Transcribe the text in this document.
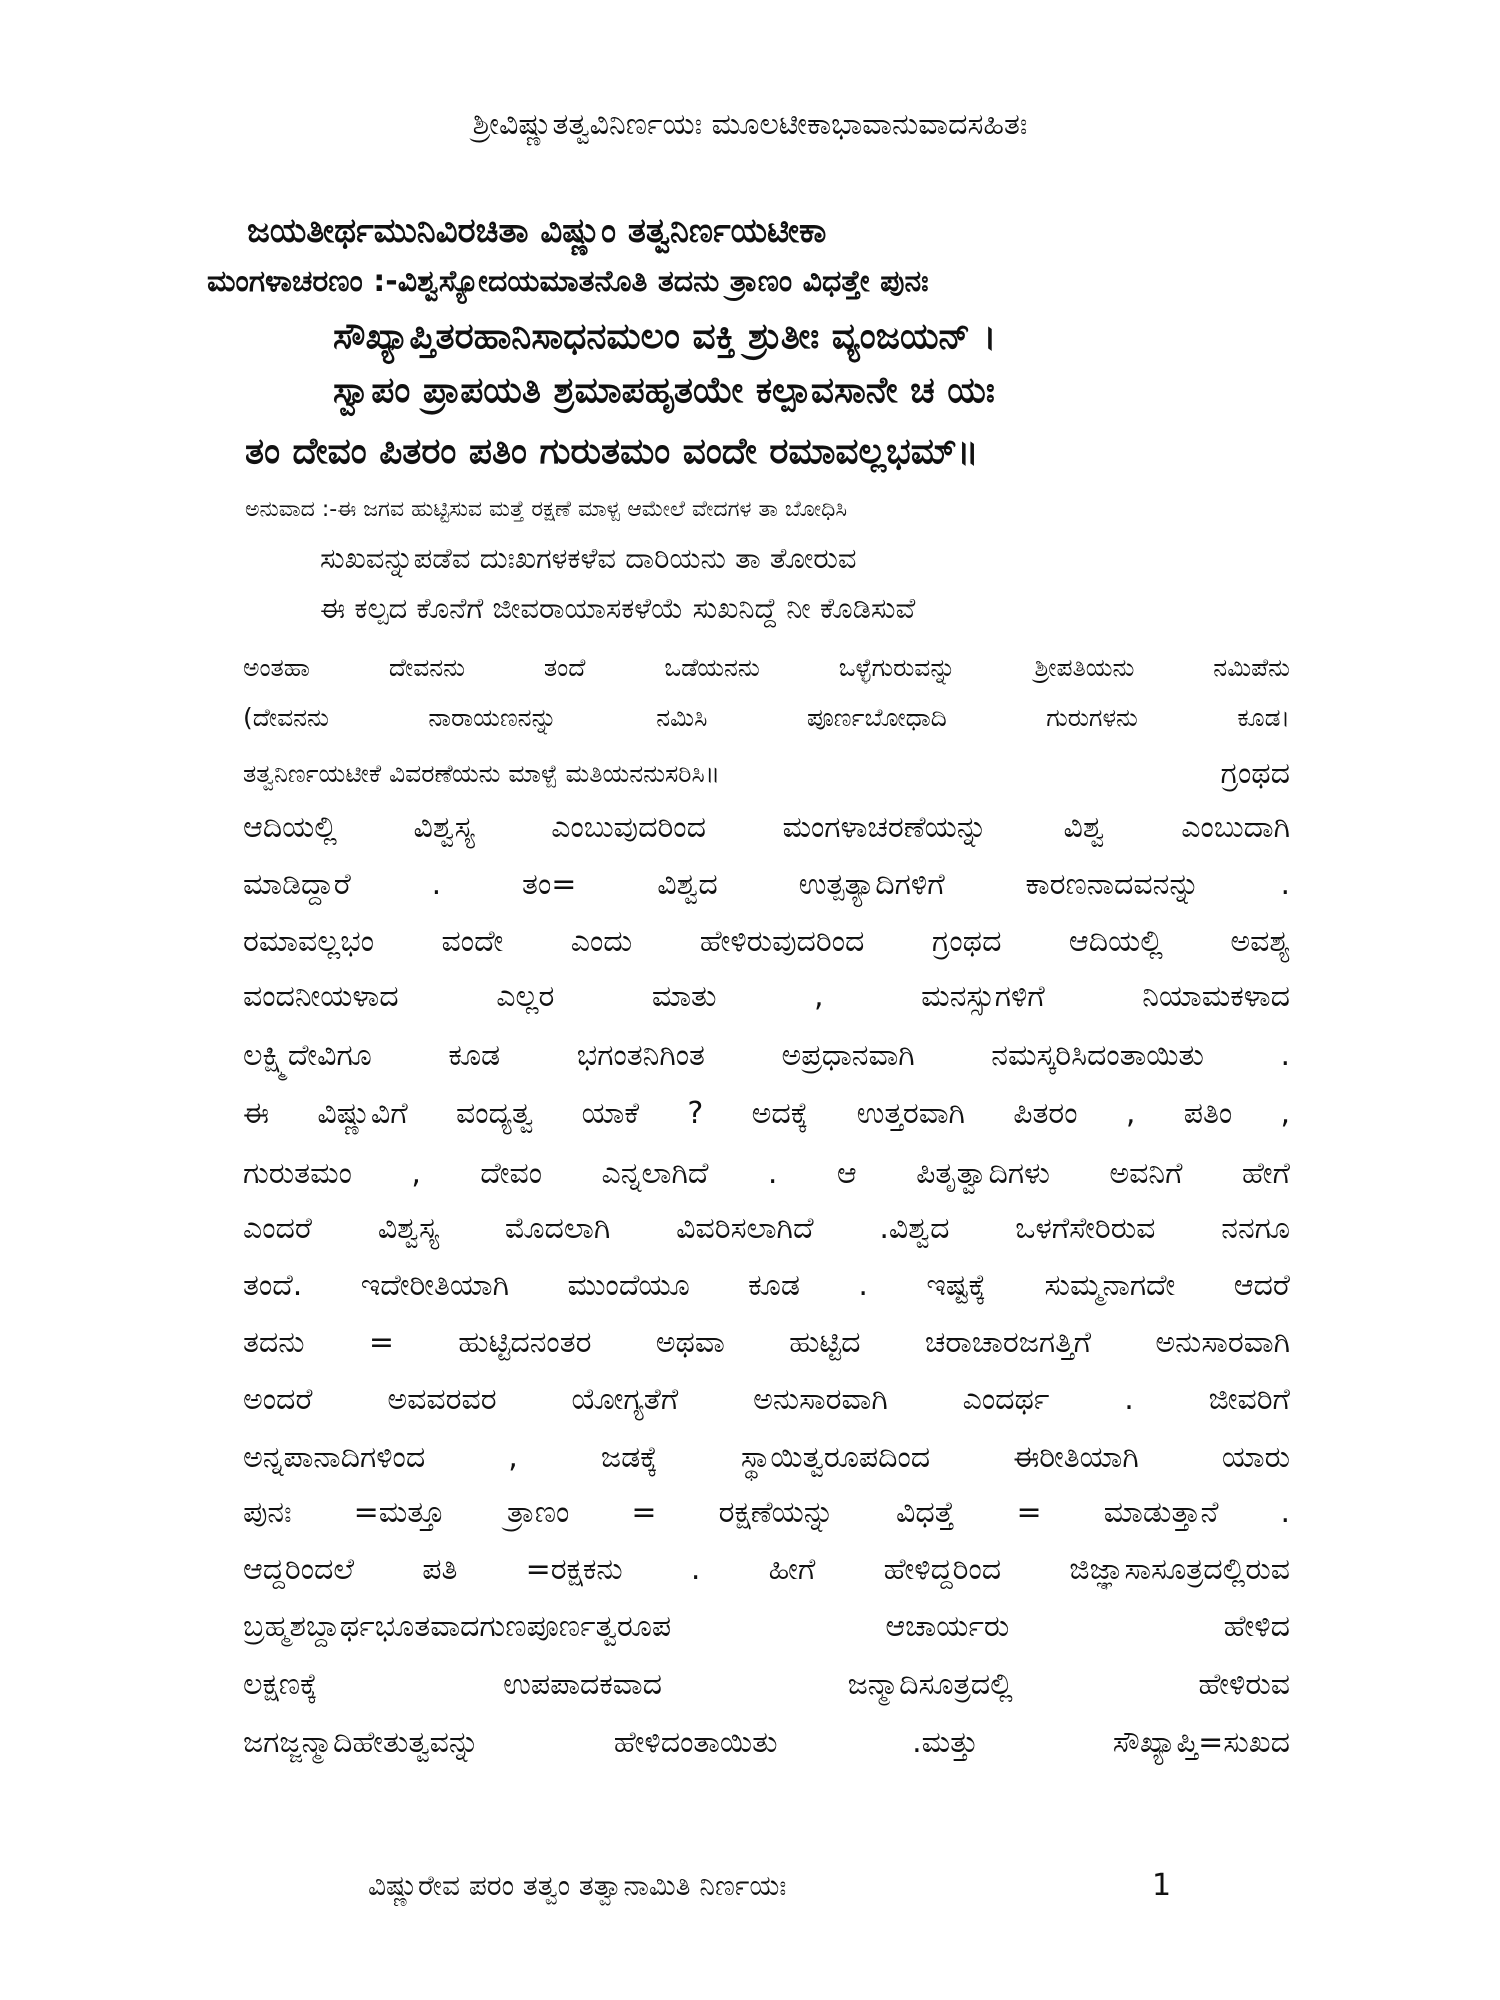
ಶ್ರೀವಿಷ್ಣುತತ್ವವಿನಿರ್ಣಯಃ ಮೂಲಟೀಕಾಭಾವಾನುವಾದಸಹಿತಃ
ಜಯತೀರ್ಥಮುನಿವಿರಚಿತಾ ವಿಷ್ಣುಂ ತತ್ವನಿರ್ಣಯಟೀಕಾ
ಮಂಗಳಾಚರಣಂ :-ವಿಶ್ವಸ್ಯೋದಯಮಾತನೊತಿ ತದನು ತ್ರಾಣಂ ವಿಧತ್ತೇ ಪುನಃ
ಸೌಖ್ಯಾಪ್ತಿತರಹಾನಿಸಾಧನಮಲಂ ವಕ್ತಿ ಶ್ರುತೀಃ ವ್ಯಂಜಯನ್ ।
ಸ್ವಾಪಂ ಪ್ರಾಪಯತಿ ಶ್ರಮಾಪಹೃತಯೇ ಕಲ್ಪಾವಸಾನೇ ಚ ಯಃ
ತಂ ದೇವಂ ಪಿತರಂ ಪತಿಂ ಗುರುತಮಂ ವಂದೇ ರಮಾವಲ್ಲಭಮ್॥
ಅನುವಾದ :-ಈ ಜಗವ ಹುಟ್ಟಿಸುವ ಮತ್ತೆ ರಕ್ಷಣೆ ಮಾಳ್ಪ ಆಮೇಲೆ ವೇದಗಳ ತಾ ಬೋಧಿಸಿ
ಸುಖವನ್ನುಪಡೆವ ದುಃಖಗಳಕಳೆವ ದಾರಿಯನು ತಾ ತೋರುವ
ಈ ಕಲ್ಪದ ಕೊನೆಗೆ ಜೀವರಾಯಾಸಕಳೆಯೆ ಸುಖನಿದ್ದೆ ನೀ ಕೊಡಿಸುವೆ
ಅಂತಹಾ ದೇವನನು ತಂದೆ ಒಡೆಯನನು ಒಳ್ಳೆಗುರುವನ್ನು ಶ್ರೀಪತಿಯನು ನಮಿಪೆನು
(ದೇವನನು ನಾರಾಯಣನನ್ನು ನಮಿಸಿ ಪೂರ್ಣಬೋಧಾದಿ ಗುರುಗಳನು ಕೂಡ।
ತತ್ವನಿರ್ಣಯಟೀಕೆ ವಿವರಣೆಯನು ಮಾಳ್ಪೆ ಮತಿಯನನುಸರಿಸಿ॥
ಆದಿಯಲ್ಲಿ ವಿಶ್ವಸ್ಯ ಎಂಬುವುದರಿಂದ ಮಂಗಳಾಚರಣೆಯನ್ನು ವಿಶ್ವ ಎಂಬುದಾಗಿ
ಮಾಡಿದ್ದಾರೆ . ತಂ= ವಿಶ್ವದ ಉತ್ಪತ್ಯಾದಿಗಳಿಗೆ ಕಾರಣನಾದವನನ್ನು .
ರಮಾವಲ್ಲಭಂ ವಂದೇ ಎಂದು ಹೇಳಿರುವುದರಿಂದ ಗ್ರಂಥದ ಆದಿಯಲ್ಲಿ ಅವಶ್ಯ
ವಂದನೀಯಳಾದ ಎಲ್ಲರ ಮಾತು , ಮನಸ್ಸುಗಳಿಗೆ ನಿಯಾಮಕಳಾದ
ಲಕ್ಷ್ಮಿದೇವಿಗೂ ಕೂಡ ಭಗಂತನಿಗಿಂತ ಅಪ್ರಧಾನವಾಗಿ ನಮಸ್ಕರಿಸಿದಂತಾಯಿತು .
ಈ ವಿಷ್ಣುವಿಗೆ ವಂದ್ಯತ್ವ ಯಾಕೆ ? ಅದಕ್ಕೆ ಉತ್ತರವಾಗಿ ಪಿತರಂ , ಪತಿಂ ,
ಗುರುತಮಂ , ದೇವಂ ಎನ್ನಲಾಗಿದೆ . ಆ ಪಿತೃತ್ವಾದಿಗಳು ಅವನಿಗೆ ಹೇಗೆ
ಎಂದರೆ ವಿಶ್ವಸ್ಯ ಮೊದಲಾಗಿ ವಿವರಿಸಲಾಗಿದೆ .ವಿಶ್ವದ ಒಳಗೆಸೇರಿರುವ ನನಗೂ
ತಂದೆ. ಇದೇರೀತಿಯಾಗಿ ಮುಂದೆಯೂ ಕೂಡ . ಇಷ್ಟಕ್ಕೆ ಸುಮ್ಮನಾಗದೇ ಆದರೆ
ತದನು = ಹುಟ್ಟಿದನಂತರ ಅಥವಾ ಹುಟ್ಟಿದ ಚರಾಚಾರಜಗತ್ತಿಗೆ ಅನುಸಾರವಾಗಿ
ಅಂದರೆ ಅವವರವರ ಯೋಗ್ಯತೆಗೆ ಅನುಸಾರವಾಗಿ ಎಂದರ್ಥ . ಜೀವರಿಗೆ
ಅನ್ನಪಾನಾದಿಗಳಿಂದ , ಜಡಕ್ಕೆ ಸ್ಥಾಯಿತ್ವರೂಪದಿಂದ ಈರೀತಿಯಾಗಿ ಯಾರು
ಪುನಃ =ಮತ್ತೂ ತ್ರಾಣಂ = ರಕ್ಷಣೆಯನ್ನು ವಿಧತ್ತೆ = ಮಾಡುತ್ತಾನೆ .
ಆದ್ದರಿಂದಲೆ ಪತಿ =ರಕ್ಷಕನು . ಹೀಗೆ ಹೇಳಿದ್ದರಿಂದ ಜಿಜ್ಞಾಸಾಸೂತ್ರದಲ್ಲಿರುವ
ಬ್ರಹ್ಮಶಬ್ದಾರ್ಥಭೂತವಾದಗುಣಪೂರ್ಣತ್ವರೂಪ ಆಚಾರ್ಯರು ಹೇಳಿದ
ಲಕ್ಷಣಕ್ಕೆ ಉಪಪಾದಕವಾದ ಜನ್ಮಾದಿಸೂತ್ರದಲ್ಲಿ ಹೇಳಿರುವ
ಜಗಜ್ಜನ್ಮಾದಿಹೇತುತ್ವವನ್ನು ಹೇಳಿದಂತಾಯಿತು .ಮತ್ತು ಸೌಖ್ಯಾಪ್ತಿ=ಸುಖದ
ಗ್ರಂಥದ
ವಿಷ್ಣುರೇವ ಪರಂ ತತ್ವಂ ತತ್ವಾನಾಮಿತಿ ನಿರ್ಣಯಃ	1
